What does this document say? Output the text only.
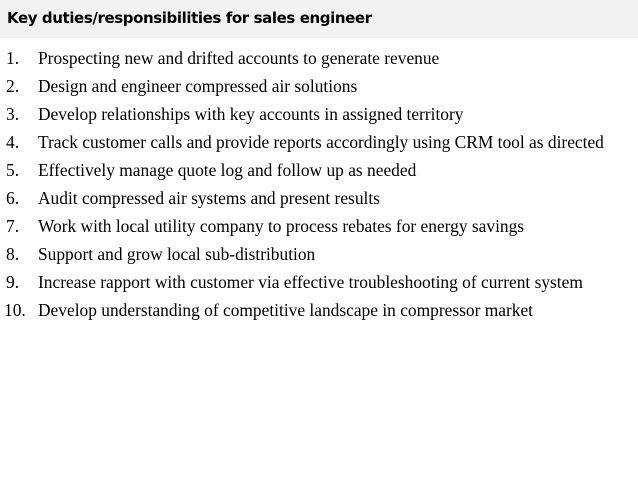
Key duties/responsibilities for sales engineer
1. Prospecting new and drifted accounts to generate revenue
2. Design and engineer compressed air solutions
3. Develop relationships with key accounts in assigned territory
4. Track customer calls and provide reports accordingly using CRM tool as directed
5. Effectively manage quote log and follow up as needed
6. Audit compressed air systems and present results
7. Work with local utility company to process rebates for energy savings
8. Support and grow local sub-distribution
9. Increase rapport with customer via effective troubleshooting of current system
10. Develop understanding of competitive landscape in compressor market
